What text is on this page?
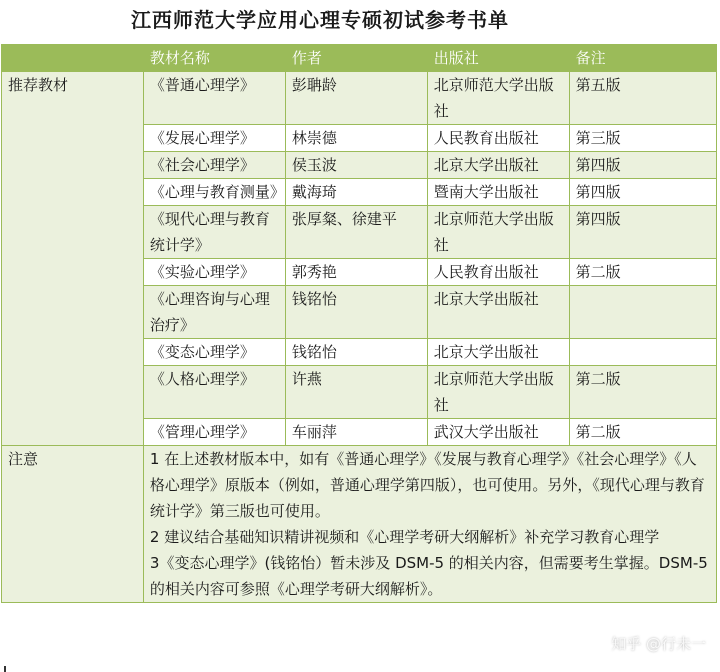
江西师范大学应用心理专硕初试参考书单
	教材名称	作者	出版社	备注
推荐教材	《普通心理学》	彭聃龄	北京师范大学出版社	第五版
	《发展心理学》	林崇德	人民教育出版社	第三版
	《社会心理学》	侯玉波	北京大学出版社	第四版
	《心理与教育测量》	戴海琦	暨南大学出版社	第四版
	《现代心理与教育统计学》	张厚粲、徐建平	北京师范大学出版社	第四版
	《实验心理学》	郭秀艳	人民教育出版社	第二版
	《心理咨询与心理治疗》	钱铭怡	北京大学出版社	
	《变态心理学》	钱铭怡	北京大学出版社	
	《人格心理学》	许燕	北京师范大学出版社	第二版
	《管理心理学》	车丽萍	武汉大学出版社	第二版
注意	1 在上述教材版本中，如有《普通心理学》《发展与教育心理学》《社会心理学》《人格心理学》原版本（例如，普通心理学第四版），也可使用。另外，《现代心理与教育统计学》第三版也可使用。
2 建议结合基础知识精讲视频和《心理学考研大纲解析》补充学习教育心理学
3《变态心理学》(钱铭怡）暂未涉及 DSM-5 的相关内容，但需要考生掌握。DSM-5 的相关内容可参照《心理学考研大纲解析》。			
知乎 @行未一
